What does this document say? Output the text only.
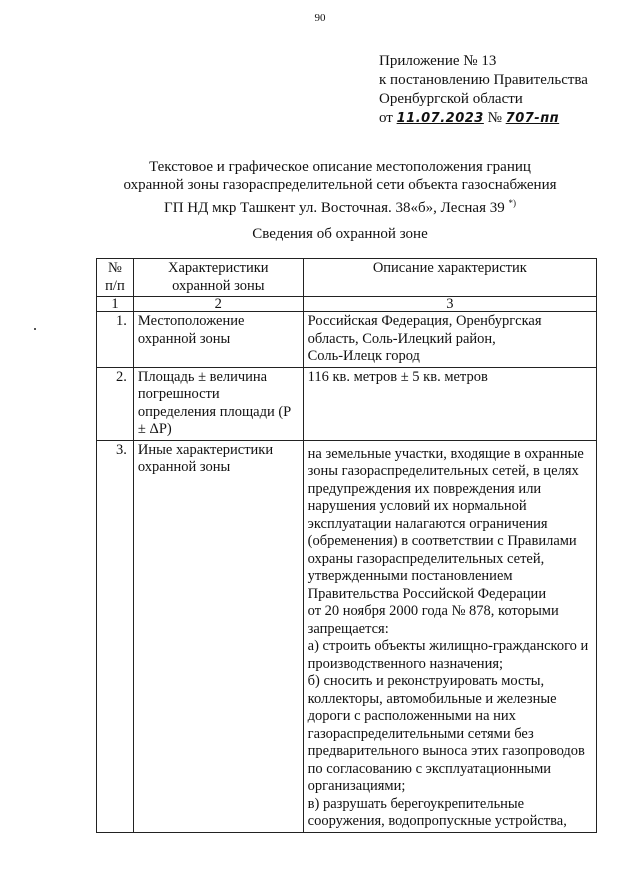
90
Приложение № 13
к постановлению Правительства
Оренбургской области
от 11.07.2023 № 707-пп
Текстовое и графическое описание местоположения границ
охранной зоны газораспределительной сети объекта газоснабжения
ГП НД мкр Ташкент ул. Восточная. 38«б», Лесная 39 *)
Сведения об охранной зоне
№ п/п	Характеристики охранной зоны	Описание характеристик
1	2	3
1.	Местоположение охранной зоны	Российская Федерация, Оренбургская область, Соль-Илецкий район,
Соль-Илецк город

2.	Площадь ± величина погрешности определения площади (Р ± ΔР)	116 кв. метров ± 5 кв. метров

3.	Иные характеристики охранной зоны	на земельные участки, входящие в охранные зоны газораспределительных сетей, в целях предупреждения их повреждения или нарушения условий их нормальной эксплуатации налагаются ограничения (обременения) в соответствии с Правилами охраны газораспределительных сетей, утвержденными постановлением Правительства Российской Федерации
от 20 ноября 2000 года № 878, которыми запрещается:
а) строить объекты жилищно-гражданского и производственного назначения;
б) сносить и реконструировать мосты, коллекторы, автомобильные и железные дороги с расположенными на них газораспределительными сетями без предварительного выноса этих газопроводов по согласованию с эксплуатационными организациями;
в) разрушать берегоукрепительные сооружения, водопропускные устройства,
